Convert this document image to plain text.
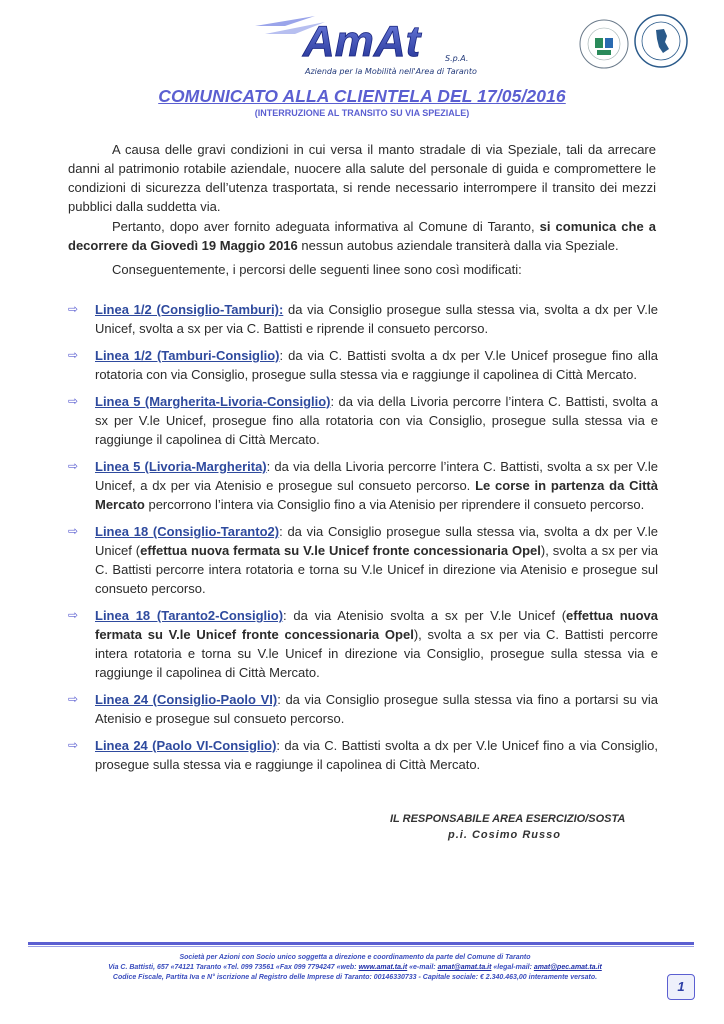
AmAt	S.p.A.
Azienda per la Mobilità nell'Area di Taranto
COMUNICATO ALLA CLIENTELA DEL 17/05/2016
(INTERRUZIONE AL TRANSITO SU VIA SPEZIALE)
A causa delle gravi condizioni in cui versa il manto stradale di via Speziale, tali da arrecare danni al patrimonio rotabile aziendale, nuocere alla salute del personale di guida e compromettere le condizioni di sicurezza dell’utenza trasportata, si rende necessario interrompere il transito dei mezzi pubblici dalla suddetta via.
Pertanto, dopo aver fornito adeguata informativa al Comune di Taranto, si comunica che a decorrere da Giovedì 19 Maggio 2016 nessun autobus aziendale transiterà dalla via Speziale.
Conseguentemente, i percorsi delle seguenti linee sono così modificati:
⇨ Linea 1/2 (Consiglio-Tamburi): da via Consiglio prosegue sulla stessa via, svolta a dx per V.le Unicef, svolta a sx per via C. Battisti e riprende il consueto percorso.
⇨ Linea 1/2 (Tamburi-Consiglio): da via C. Battisti svolta a dx per V.le Unicef prosegue fino alla rotatoria con via Consiglio, prosegue sulla stessa via e raggiunge il capolinea di Città Mercato.
⇨ Linea 5 (Margherita-Livoria-Consiglio): da via della Livoria percorre l’intera C. Battisti, svolta a sx per V.le Unicef, prosegue fino alla rotatoria con via Consiglio, prosegue sulla stessa via e raggiunge il capolinea di Città Mercato.
⇨ Linea 5 (Livoria-Margherita): da via della Livoria percorre l’intera C. Battisti, svolta a sx per V.le Unicef, a dx per via Atenisio e prosegue sul consueto percorso. Le corse in partenza da Città Mercato percorrono l’intera via Consiglio fino a via Atenisio per riprendere il consueto percorso.
⇨ Linea 18 (Consiglio-Taranto2): da via Consiglio prosegue sulla stessa via, svolta a dx per V.le Unicef (effettua nuova fermata su V.le Unicef fronte concessionaria Opel), svolta a sx per via C. Battisti percorre intera rotatoria e torna su V.le Unicef in direzione via Atenisio e prosegue sul consueto percorso.
⇨ Linea 18 (Taranto2-Consiglio): da via Atenisio svolta a sx per V.le Unicef (effettua nuova fermata su V.le Unicef fronte concessionaria Opel), svolta a sx per via C. Battisti percorre intera rotatoria e torna su V.le Unicef in direzione via Consiglio, prosegue sulla stessa via e raggiunge il capolinea di Città Mercato.
⇨ Linea 24 (Consiglio-Paolo VI): da via Consiglio prosegue sulla stessa via fino a portarsi su via Atenisio e prosegue sul consueto percorso.
⇨ Linea 24 (Paolo VI-Consiglio): da via C. Battisti svolta a dx per V.le Unicef fino a via Consiglio, prosegue sulla stessa via e raggiunge il capolinea di Città Mercato.
IL RESPONSABILE AREA ESERCIZIO/SOSTA
p.i. Cosimo Russo
Società per Azioni con Socio unico soggetta a direzione e coordinamento da parte del Comune di Taranto
Via C. Battisti, 657 «74121 Taranto «Tel. 099 73561 «Fax 099 7794247 «web: www.amat.ta.it «e-mail: amat@amat.ta.it «legal-mail: amat@pec.amat.ta.it
Codice Fiscale, Partita Iva e N° iscrizione al Registro delle Imprese di Taranto: 00146330733 - Capitale sociale: € 2.340.463,00 interamente versato.
1
